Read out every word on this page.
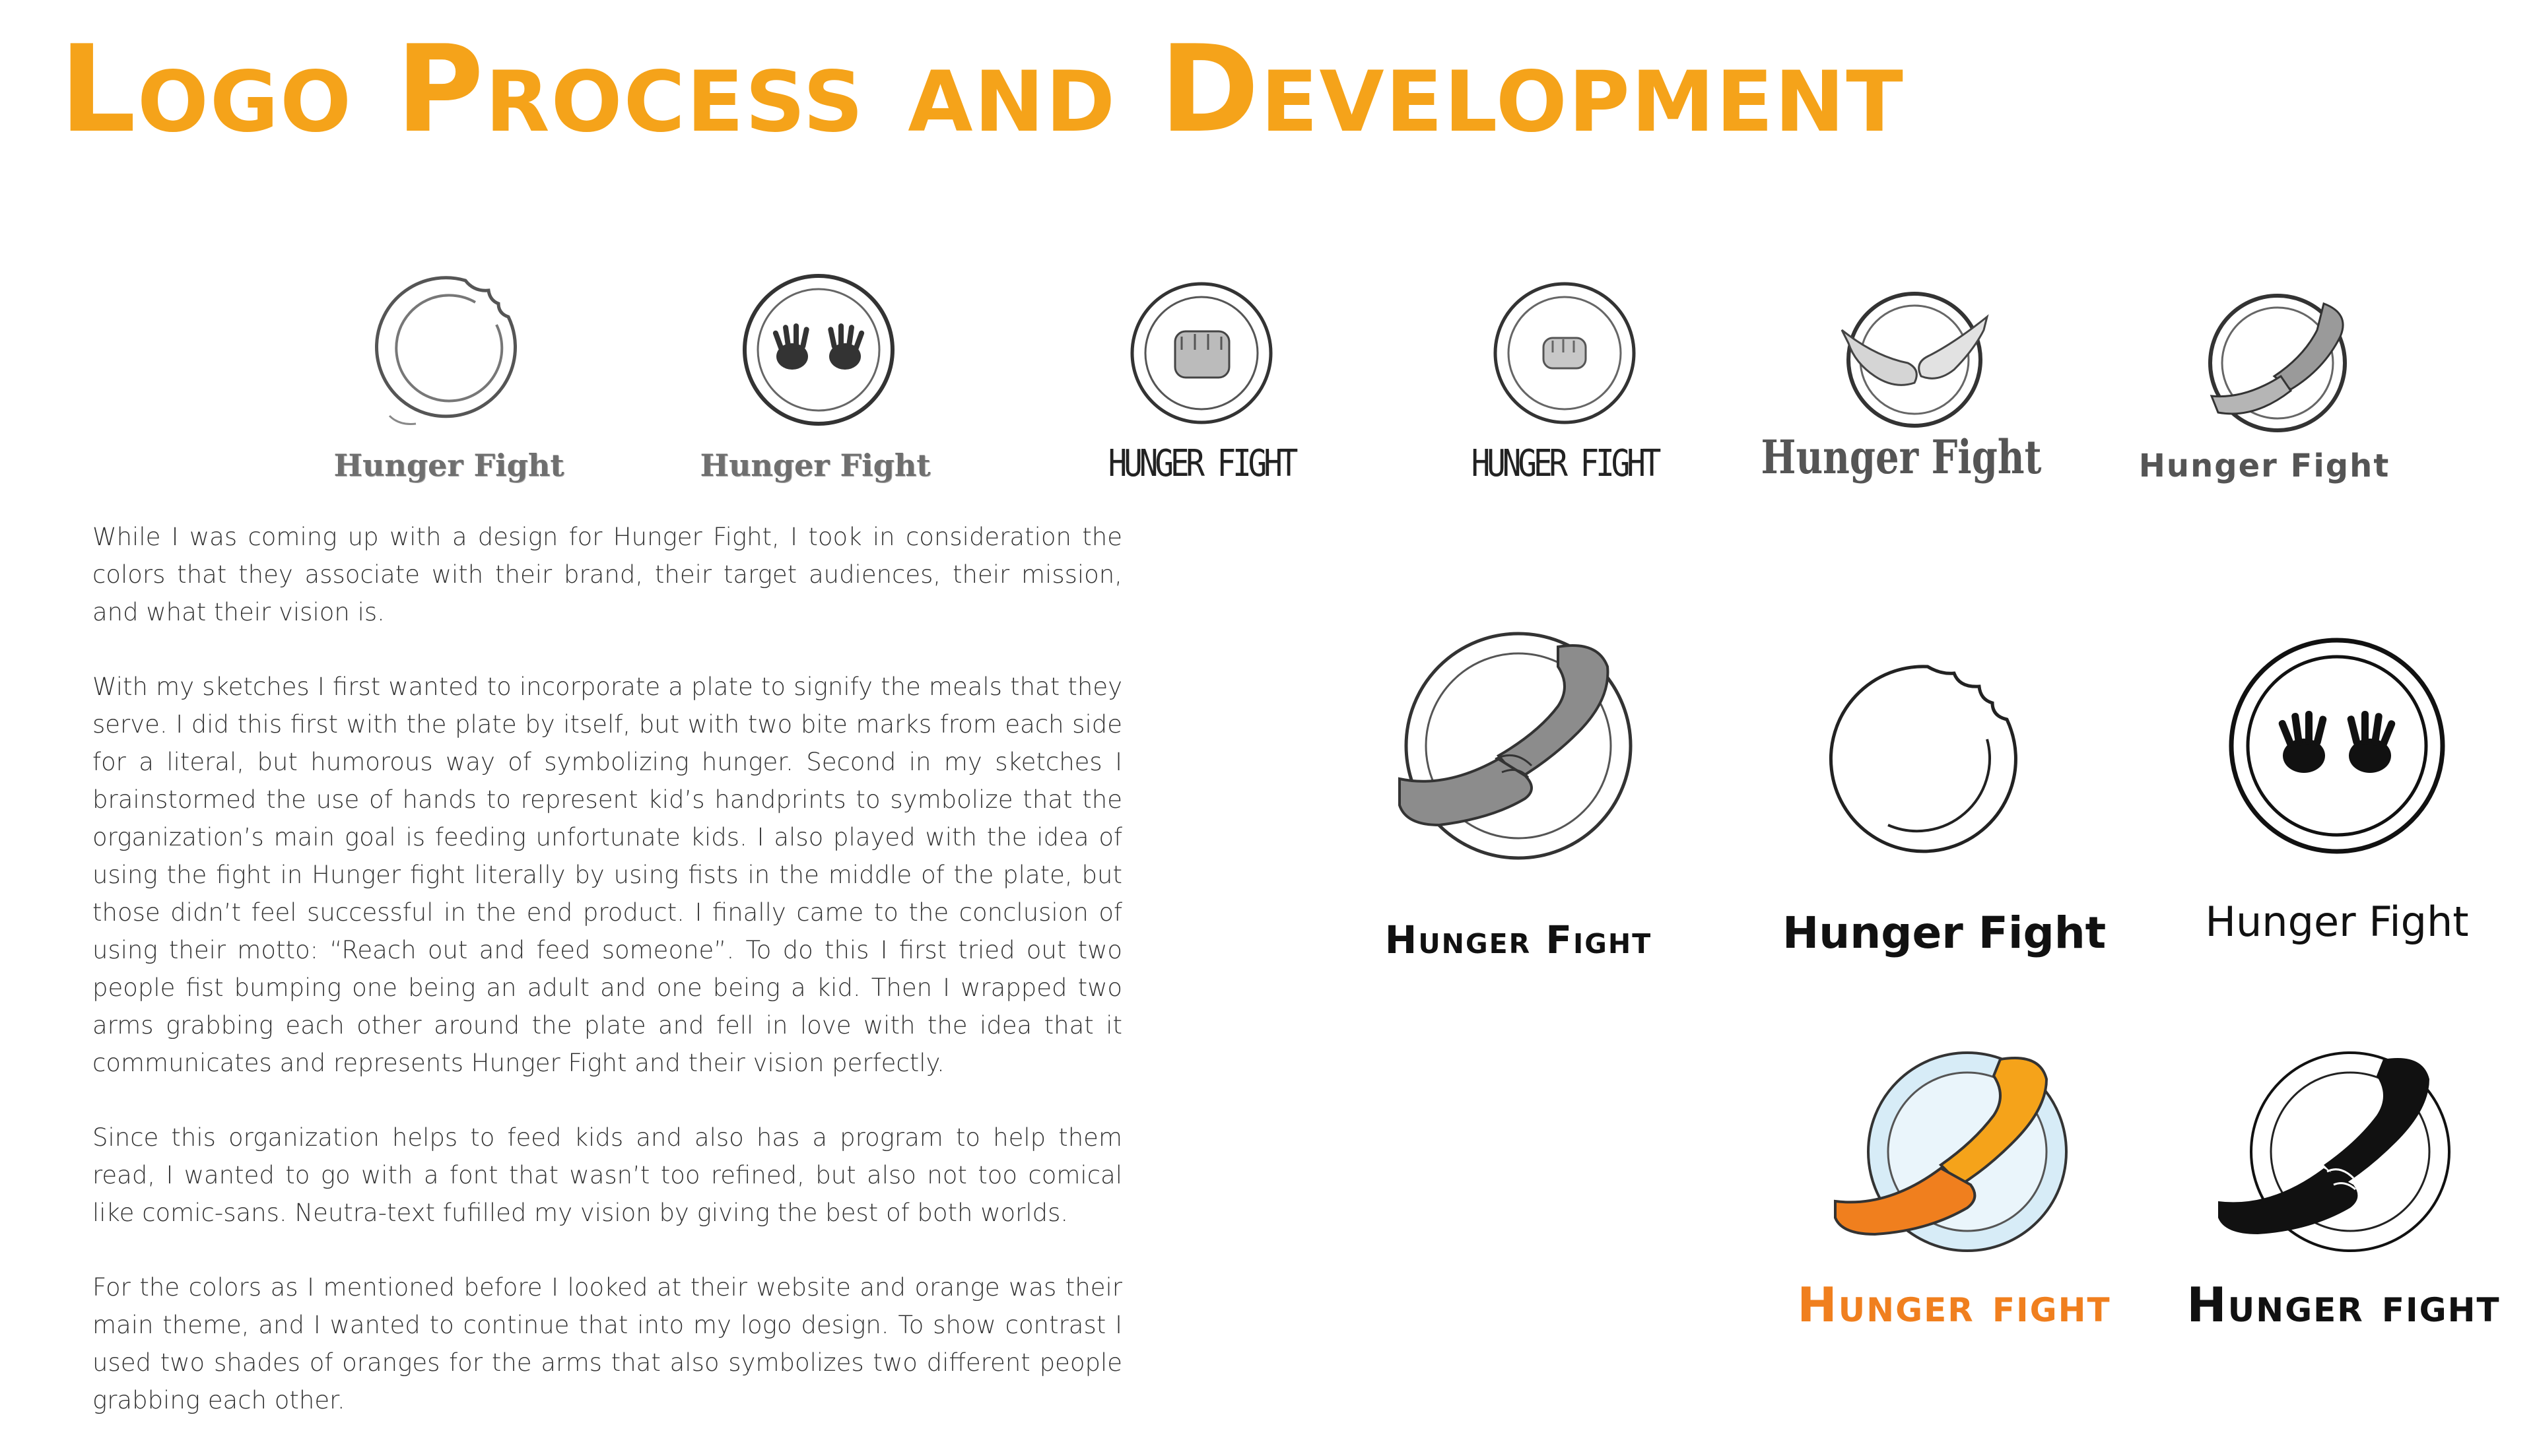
Logo Process and Development
Hunger Fight	Hunger Fight	HUNGER FIGHT	HUNGER FIGHT	Hunger Fight	Hunger Fight

While I was coming up with a design for Hunger Fight, I took in consideration the colors that they associate with their brand, their target audiences, their mission, and what their vision is.

With my sketches I first wanted to incorporate a plate to signify the meals that they serve. I did this first with the plate by itself, but with two bite marks from each side for a literal, but humorous way of symbolizing hunger. Second in my sketches I brainstormed the use of hands to represent kid’s handprints to symbolize that the organization’s main goal is feeding unfortunate kids. I also played with the idea of using the fight in Hunger fight literally by using fists in the middle of the plate, but those didn’t feel successful in the end product. I finally came to the conclusion of using their motto: “Reach out and feed someone”. To do this I first tried out two people fist bumping one being an adult and one being a kid. Then I wrapped two arms grabbing each other around the plate and fell in love with the idea that it communicates and represents Hunger Fight and their vision perfectly.

Since this organization helps to feed kids and also has a program to help them read, I wanted to go with a font that wasn’t too refined, but also not too comical like comic-sans. Neutra-text fufilled my vision by giving the best of both worlds.

For the colors as I mentioned before I looked at their website and orange was their main theme, and I wanted to continue that into my logo design. To show contrast I used two shades of oranges for the arms that also symbolizes two different people grabbing each other.

Hunger Fight	Hunger Fight	Hunger Fight
Hunger fight	Hunger fight
